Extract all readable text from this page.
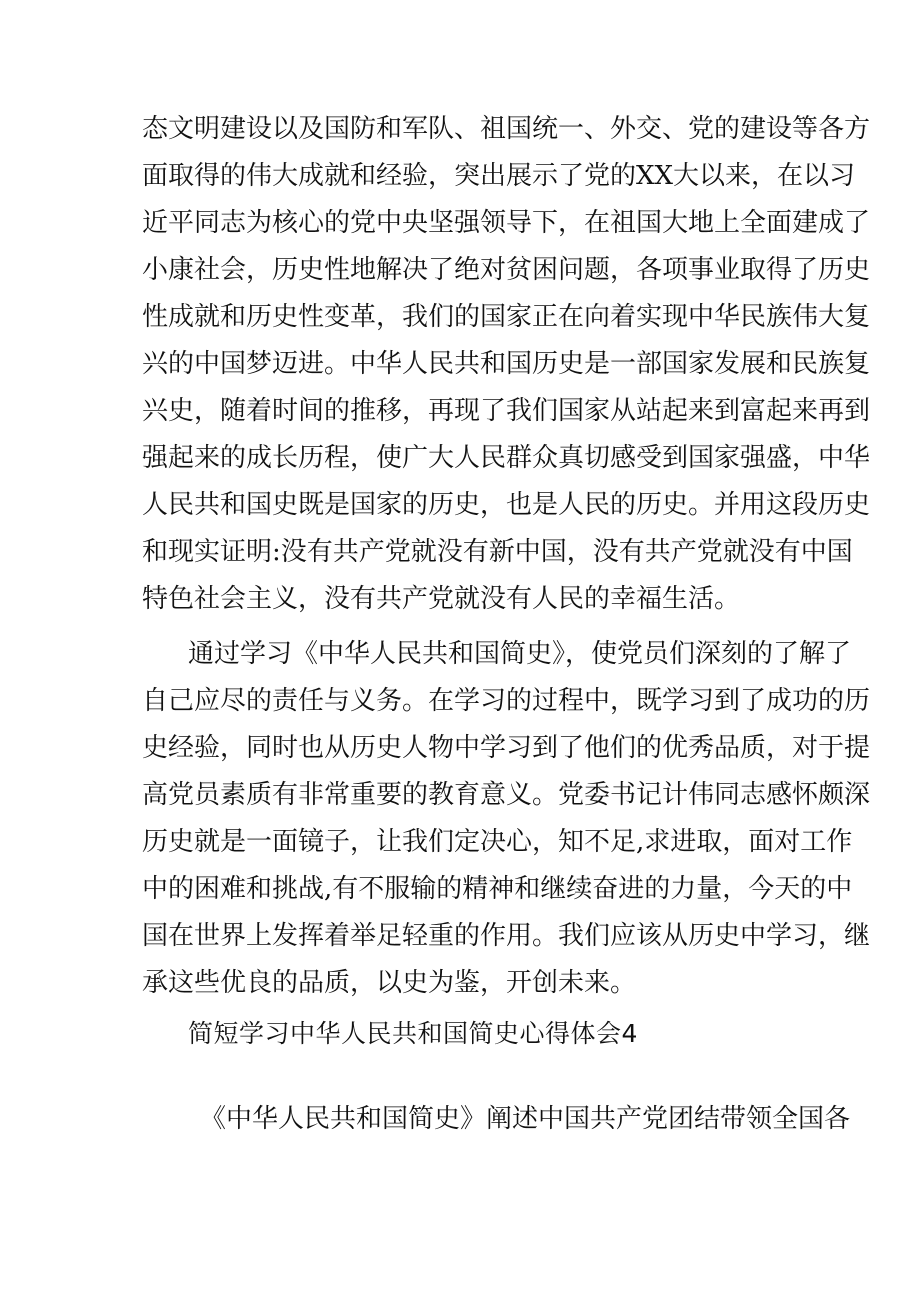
态文明建设以及国防和军队、祖国统一、外交、党的建设等各方
面取得的伟大成就和经验，突出展示了党的XX大以来，在以习
近平同志为核心的党中央坚强领导下，在祖国大地上全面建成了
小康社会，历史性地解决了绝对贫困问题，各项事业取得了历史
性成就和历史性变革，我们的国家正在向着实现中华民族伟大复
兴的中国梦迈进。中华人民共和国历史是一部国家发展和民族复
兴史，随着时间的推移，再现了我们国家从站起来到富起来再到
强起来的成长历程，使广大人民群众真切感受到国家强盛，中华
人民共和国史既是国家的历史，也是人民的历史。并用这段历史
和现实证明:没有共产党就没有新中国，没有共产党就没有中国
特色社会主义，没有共产党就没有人民的幸福生活。
通过学习《中华人民共和国简史》，使党员们深刻的了解了
自己应尽的责任与义务。在学习的过程中，既学习到了成功的历
史经验，同时也从历史人物中学习到了他们的优秀品质，对于提
高党员素质有非常重要的教育意义。党委书记计伟同志感怀颇深
历史就是一面镜子，让我们定决心，知不足,求进取，面对工作
中的困难和挑战,有不服输的精神和继续奋进的力量，今天的中
国在世界上发挥着举足轻重的作用。我们应该从历史中学习，继
承这些优良的品质，以史为鉴，开创未来。
简短学习中华人民共和国简史心得体会4
《中华人民共和国简史》阐述中国共产党团结带领全国各
